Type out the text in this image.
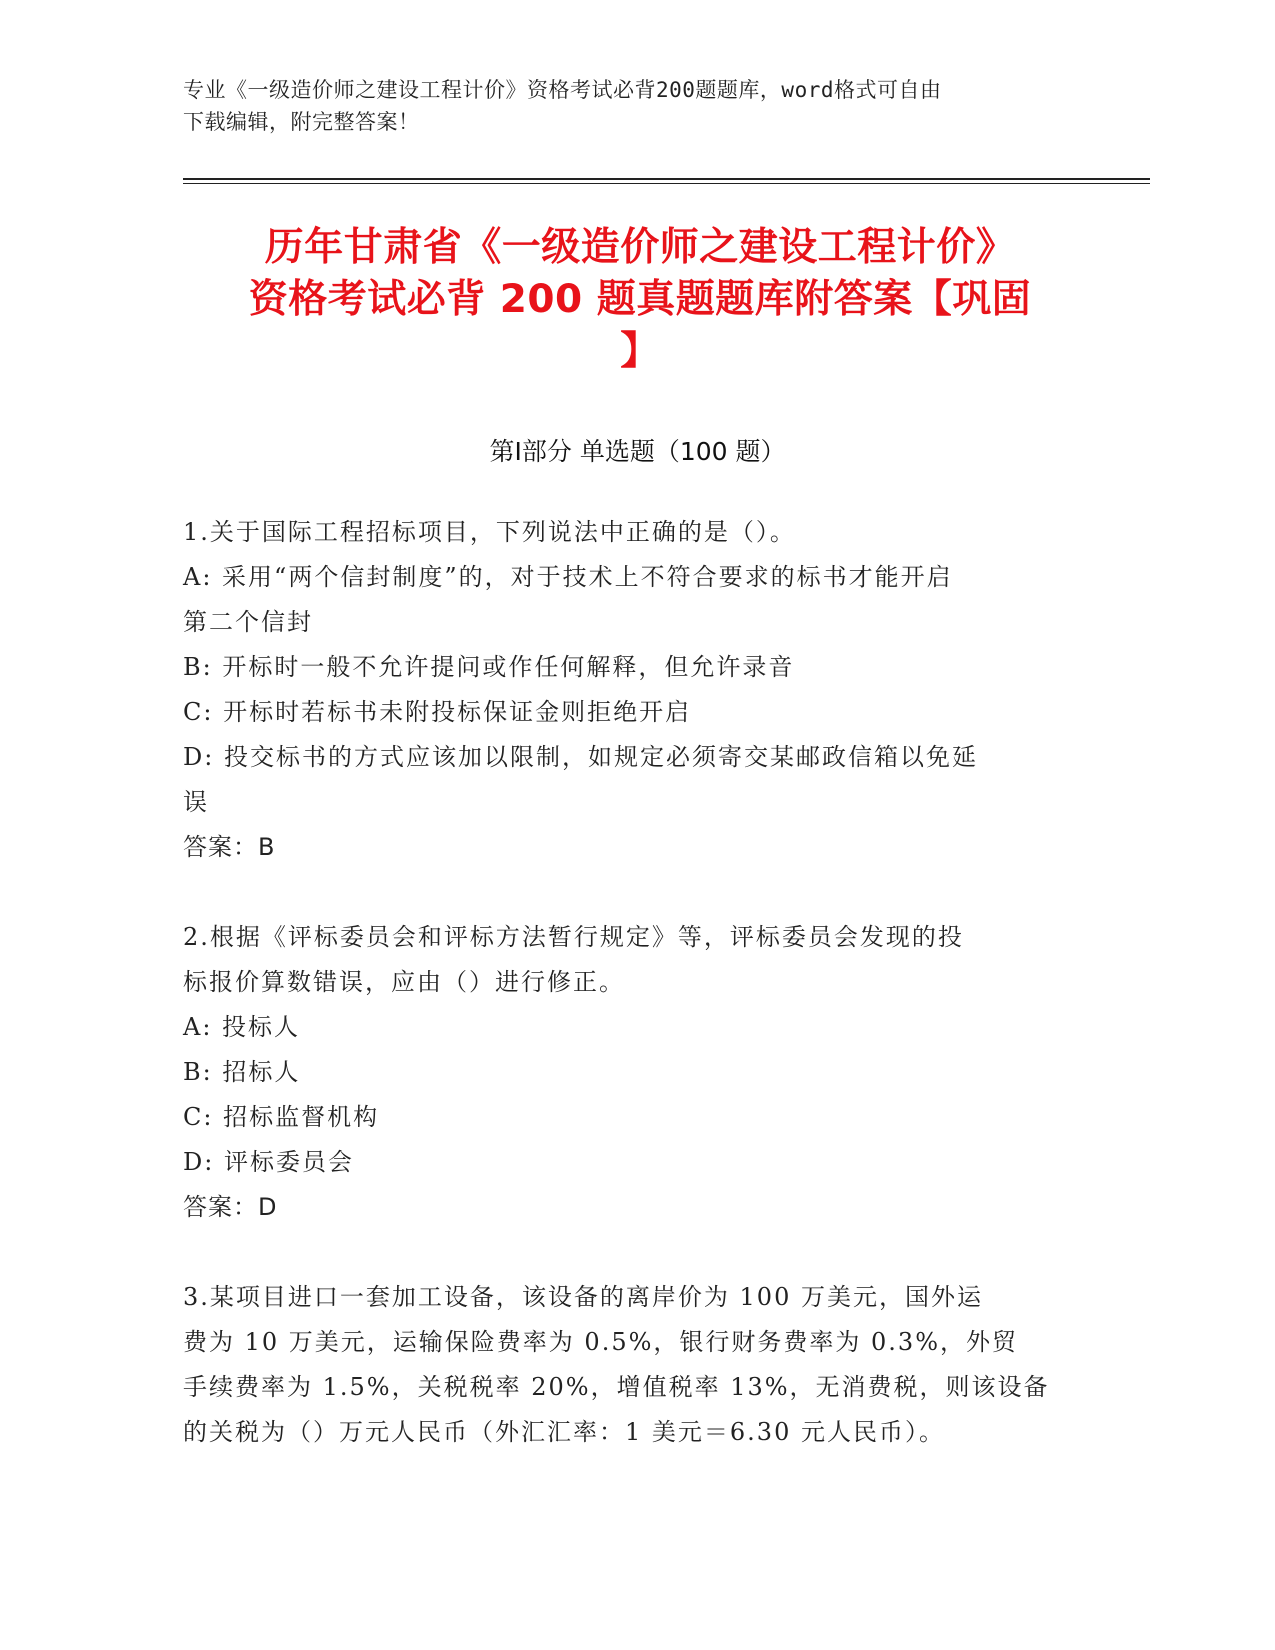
专业《一级造价师之建设工程计价》资格考试必背200题题库，word格式可自由
下载编辑，附完整答案！
历年甘肃省《一级造价师之建设工程计价》
资格考试必背 200 题真题题库附答案【巩固
】
第Ⅰ部分 单选题（100 题）
1.关于国际工程招标项目，下列说法中正确的是（）。
A: 采用“两个信封制度”的，对于技术上不符合要求的标书才能开启
第二个信封
B: 开标时一般不允许提问或作任何解释，但允许录音
C: 开标时若标书未附投标保证金则拒绝开启
D: 投交标书的方式应该加以限制，如规定必须寄交某邮政信箱以免延
误
答案：B
2.根据《评标委员会和评标方法暂行规定》等，评标委员会发现的投
标报价算数错误，应由（）进行修正。
A: 投标人
B: 招标人
C: 招标监督机构
D: 评标委员会
答案：D
3.某项目进口一套加工设备，该设备的离岸价为 100 万美元，国外运
费为 10 万美元，运输保险费率为 0.5%，银行财务费率为 0.3%，外贸
手续费率为 1.5%，关税税率 20%，增值税率 13%，无消费税，则该设备
的关税为（）万元人民币（外汇汇率：1 美元＝6.30 元人民币）。
